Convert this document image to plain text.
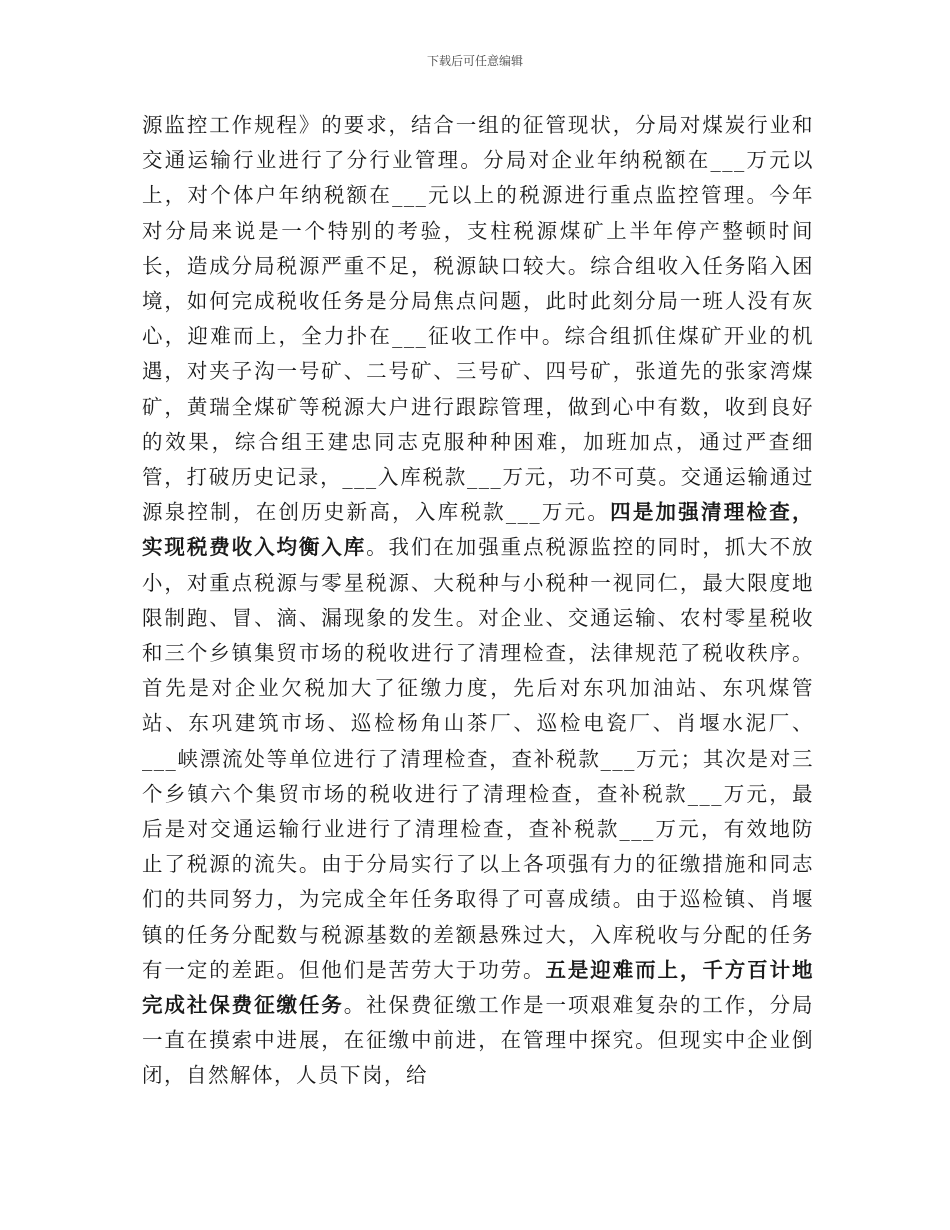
下载后可任意编辑

源监控工作规程》的要求，结合一组的征管现状，分局对煤炭行业和交通运输行业进行了分行业管理。分局对企业年纳税额在___万元以上，对个体户年纳税额在___元以上的税源进行重点监控管理。今年对分局来说是一个特别的考验，支柱税源煤矿上半年停产整顿时间长，造成分局税源严重不足，税源缺口较大。综合组收入任务陷入困境，如何完成税收任务是分局焦点问题，此时此刻分局一班人没有灰心，迎难而上，全力扑在___征收工作中。综合组抓住煤矿开业的机遇，对夹子沟一号矿、二号矿、三号矿、四号矿，张道先的张家湾煤矿，黄瑞全煤矿等税源大户进行跟踪管理，做到心中有数，收到良好的效果，综合组王建忠同志克服种种困难，加班加点，通过严查细管，打破历史记录，___入库税款___万元，功不可莫。交通运输通过源泉控制，在创历史新高，入库税款___万元。四是加强清理检查，实现税费收入均衡入库。我们在加强重点税源监控的同时，抓大不放小，对重点税源与零星税源、大税种与小税种一视同仁，最大限度地限制跑、冒、滴、漏现象的发生。对企业、交通运输、农村零星税收和三个乡镇集贸市场的税收进行了清理检查，法律规范了税收秩序。首先是对企业欠税加大了征缴力度，先后对东巩加油站、东巩煤管站、东巩建筑市场、巡检杨角山茶厂、巡检电瓷厂、肖堰水泥厂、___峡漂流处等单位进行了清理检查，查补税款___万元；其次是对三个乡镇六个集贸市场的税收进行了清理检查，查补税款___万元，最后是对交通运输行业进行了清理检查，查补税款___万元，有效地防止了税源的流失。由于分局实行了以上各项强有力的征缴措施和同志们的共同努力，为完成全年任务取得了可喜成绩。由于巡检镇、肖堰镇的任务分配数与税源基数的差额悬殊过大，入库税收与分配的任务有一定的差距。但他们是苦劳大于功劳。五是迎难而上，千方百计地完成社保费征缴任务。社保费征缴工作是一项艰难复杂的工作，分局一直在摸索中进展，在征缴中前进，在管理中探究。但现实中企业倒闭，自然解体，人员下岗，给
